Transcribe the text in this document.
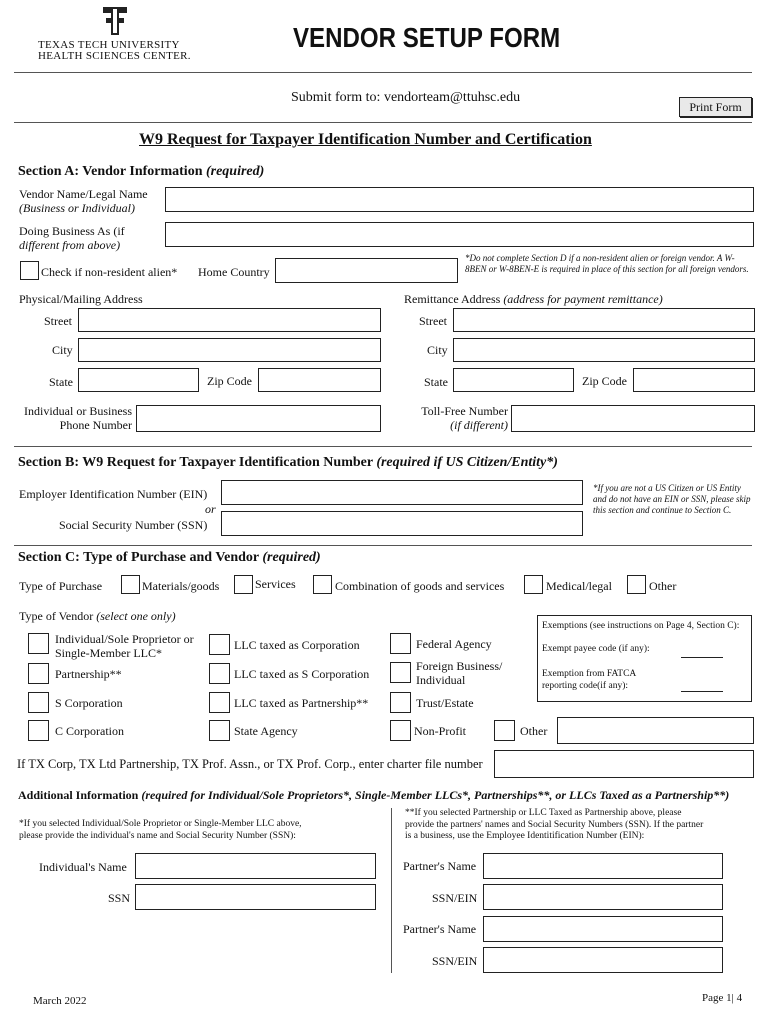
TEXAS TECH UNIVERSITY
HEALTH SCIENCES CENTER.
VENDOR SETUP FORM
Submit form to: vendorteam@ttuhsc.edu
Print Form
W9 Request for Taxpayer Identification Number and Certification
Section A: Vendor Information (required)
Vendor Name/Legal Name
(Business or Individual)
Doing Business As (if
different from above)
Check if non-resident alien* Home Country
*Do not complete Section D if a non-resident alien or foreign vendor. A W-8BEN or W-8BEN-E is required in place of this section for all foreign vendors.
Physical/Mailing Address	Remittance Address (address for payment remittance)
Street	Street
City	City
State	Zip Code	State	Zip Code
Individual or Business
Phone Number
Toll-Free Number
(if different)
Section B: W9 Request for Taxpayer Identification Number (required if US Citizen/Entity*)
Employer Identification Number (EIN)
or
Social Security Number (SSN)
*If you are not a US Citizen or US Entity and do not have an EIN or SSN, please skip this section and continue to Section C.
Section C: Type of Purchase and Vendor (required)
Type of Purchase	Materials/goods	Services	Combination of goods and services	Medical/legal	Other
Type of Vendor (select one only)
Individual/Sole Proprietor or Single-Member LLC*
Partnership**
S Corporation
C Corporation
LLC taxed as Corporation
LLC taxed as S Corporation
LLC taxed as Partnership**
State Agency
Federal Agency
Foreign Business/ Individual
Trust/Estate
Non-Profit	Other
Exemptions (see instructions on Page 4, Section C):
Exempt payee code (if any):
Exemption from FATCA
reporting code(if any):
If TX Corp, TX Ltd Partnership, TX Prof. Assn., or TX Prof. Corp., enter charter file number
Additional Information (required for Individual/Sole Proprietors*, Single-Member LLCs*, Partnerships**, or LLCs Taxed as a Partnership**)
*If you selected Individual/Sole Proprietor or Single-Member LLC above,
please provide the individual's name and Social Security Number (SSN):
**If you selected Partnership or LLC Taxed as Partnership above, please
provide the partners' names and Social Security Numbers (SSN). If the partner
is a business, use the Employee Identitification Number (EIN):
Individual's Name
SSN
Partner's Name
SSN/EIN
Partner's Name
SSN/EIN
March 2022	Page 1| 4
